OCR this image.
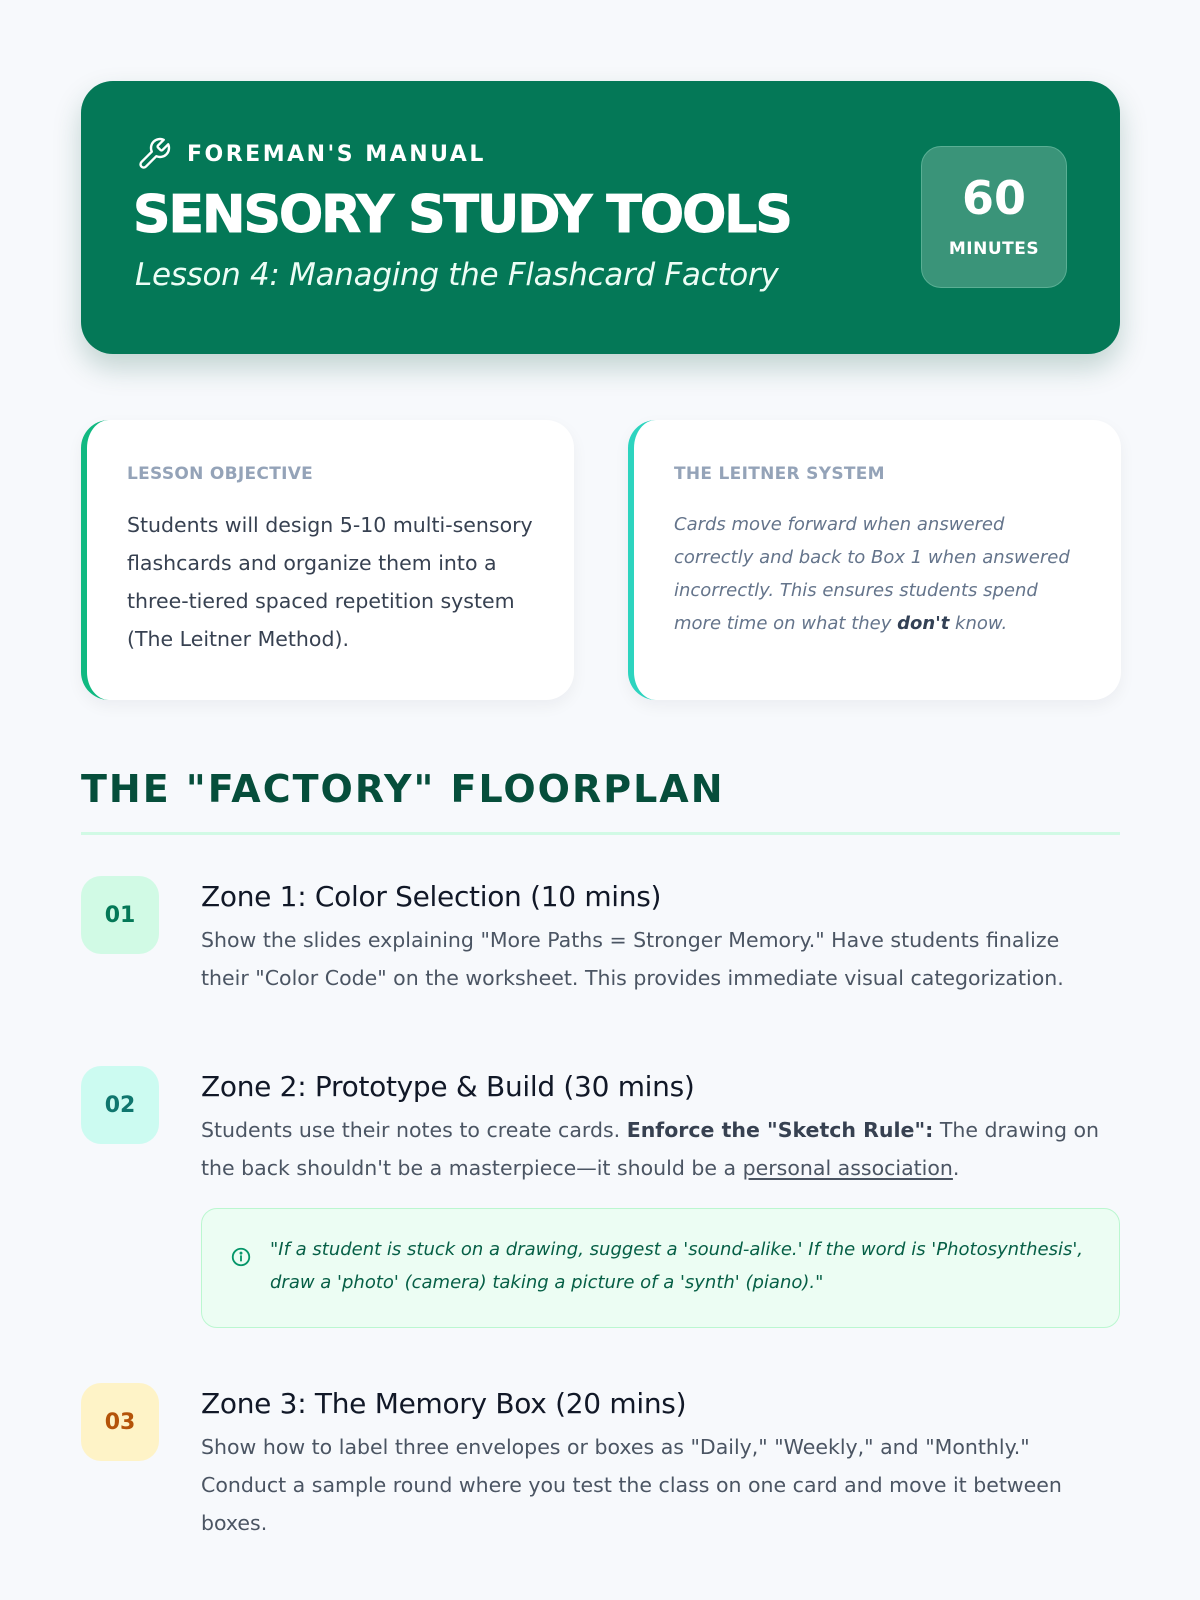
FOREMAN'S MANUAL
SENSORY STUDY TOOLS
Lesson 4: Managing the Flashcard Factory
60
MINUTES
LESSON OBJECTIVE
Students will design 5-10 multi-sensory flashcards and organize them into a three-tiered spaced repetition system (The Leitner Method).
THE LEITNER SYSTEM
Cards move forward when answered correctly and back to Box 1 when answered incorrectly. This ensures students spend more time on what they don't know.
THE "FACTORY" FLOORPLAN
01
Zone 1: Color Selection (10 mins)
Show the slides explaining "More Paths = Stronger Memory." Have students finalize their "Color Code" on the worksheet. This provides immediate visual categorization.
02
Zone 2: Prototype & Build (30 mins)
Students use their notes to create cards. Enforce the "Sketch Rule": The drawing on the back shouldn't be a masterpiece—it should be a personal association.
"If a student is stuck on a drawing, suggest a 'sound-alike.' If the word is 'Photosynthesis', draw a 'photo' (camera) taking a picture of a 'synth' (piano)."
03
Zone 3: The Memory Box (20 mins)
Show how to label three envelopes or boxes as "Daily," "Weekly," and "Monthly." Conduct a sample round where you test the class on one card and move it between boxes.
